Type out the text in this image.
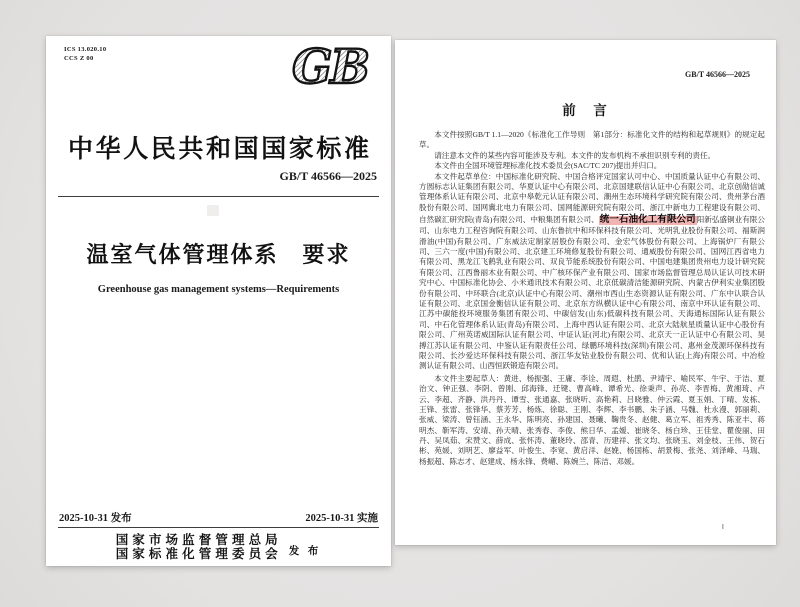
ICS 13.020.10
CCS Z 00	GB
中华人民共和国国家标准
GB/T 46566—2025
温室气体管理体系　要求
Greenhouse gas management systems—Requirements
2025-10-31 发布	2025-10-31 实施
国家市场监督管理总局
国家标准化管理委员会 发 布
GB/T 46566—2025
前　言

本文件按照GB/T 1.1—2020《标准化工作导则　第1部分：标准化文件的结构和起草规则》的规定起草。

请注意本文件的某些内容可能涉及专利。本文件的发布机构不承担识别专利的责任。

本文件由全国环境管理标准化技术委员会(SAC/TC 207)提出并归口。

本文件起草单位：中国标准化研究院、中国合格评定国家认可中心、中国质量认证中心有限公司、方圆标志认证集团有限公司、华夏认证中心有限公司、北京国建联信认证中心有限公司、北京创勋信诚管理体系认证有限公司、北京中皋乾元认证有限公司、潮州生态环境科学研究院有限公司、贵州茅台酒股份有限公司、国网冀北电力有限公司、国网能源研究院有限公司、浙江中新电力工程建设有限公司、自然碳汇研究院(青岛)有限公司、中粮集团有限公司、统一石油化工有限公司阳新弘盛铜业有限公司、山东电力工程咨询院有限公司、山东鲁抗中和环保科技有限公司、光明乳业股份有限公司、福斯润滑油(中国)有限公司、广东威法定制家居股份有限公司、金宏气体股份有限公司、上海锅炉厂有限公司、三六一度(中国)有限公司、北京建工环境修复股份有限公司、通威股份有限公司、国网江西省电力有限公司、黑龙江飞鹤乳业有限公司、双良节能系统股份有限公司、中国电建集团贵州电力设计研究院有限公司、江西鲁丽木业有限公司、中广核环保产业有限公司、国家市场监督管理总局认证认可技术研究中心、中国标准化协会、小米通讯技术有限公司、北京低碳清洁能源研究院、内蒙古伊利实业集团股份有限公司、中环联合(北京)认证中心有限公司、潮州市西山生态资源认证有限公司、广东中认联合认证有限公司、北京国金衡信认证有限公司、北京东方纵横认证中心有限公司、南京中环认证有限公司、江苏中碳能投环境服务集团有限公司、中碳信发(山东)低碳科技有限公司、天海通标国际认证有限公司、中石化管理体系认证(青岛)有限公司、上海中西认证有限公司、北京大陆航星质量认证中心股份有限公司、广州英诺威国际认证有限公司、中证认证(河北)有限公司、北京天一正认证中心有限公司、昊搏江苏认证有限公司、中鉴认证有限责任公司、绿鹏环境科技(深圳)有限公司、惠州金茂源环保科技有限公司、长沙爱达环保科技有限公司、浙江华友钴业股份有限公司、优和认证(上海)有限公司、中冶检测认证有限公司、山西恒跃锻造有限公司。

本文件主要起草人：黄进、杨振强、王庸、李诠、周遐、杜鹃、尹靖宇、喻民军、牛宇、于洁、夏治文、钟正强、李阴、曾刚、邱海锋、迁键、曹高峰、谭希光、徐秉声、孙亮、李晋梅、黄湘琦、卢云、李超、齐静、洪丹丹、谭雪、张通嘉、张晓听、高艳莉、吕晓雅、仲云霞、夏玉娟、丁晴、发栋、王锋、张雷、张锋华、蔡芳芳、杨炼、徐聪、王刚、李辉、李书鹏、朱子涵、马魏、杜永漫、郭丽莉、张威、梁涛、曾钰涵、王永华、陈明亮、孙建国、聂曦、鞠贵冬、赵健、葛立军、祖秀秀、陈亚丰、蒋明杰、靳军涛、安靖、孙天晴、张秀春、李俊、熊日华、孟嫒、崔晓冬、杨白珍、王佳堂、瞿俊丽、田丹、吴凤茹、宋赞文、薛成、张怀涛、董晓玲、邵青、历建祥、张文均、张晓玉、刘金枝、王伟、贺石彬、苑媛、刘明艺、廖益军、叶俊生、李宽、黄启洋、赵娩、杨国栋、胡景梅、张尧、刘泽峰、马瑞、杨振超、陈志才、赵建成、杨永锋、费嵋、陈婉兰、陈洁、邓媛。

Ⅰ
